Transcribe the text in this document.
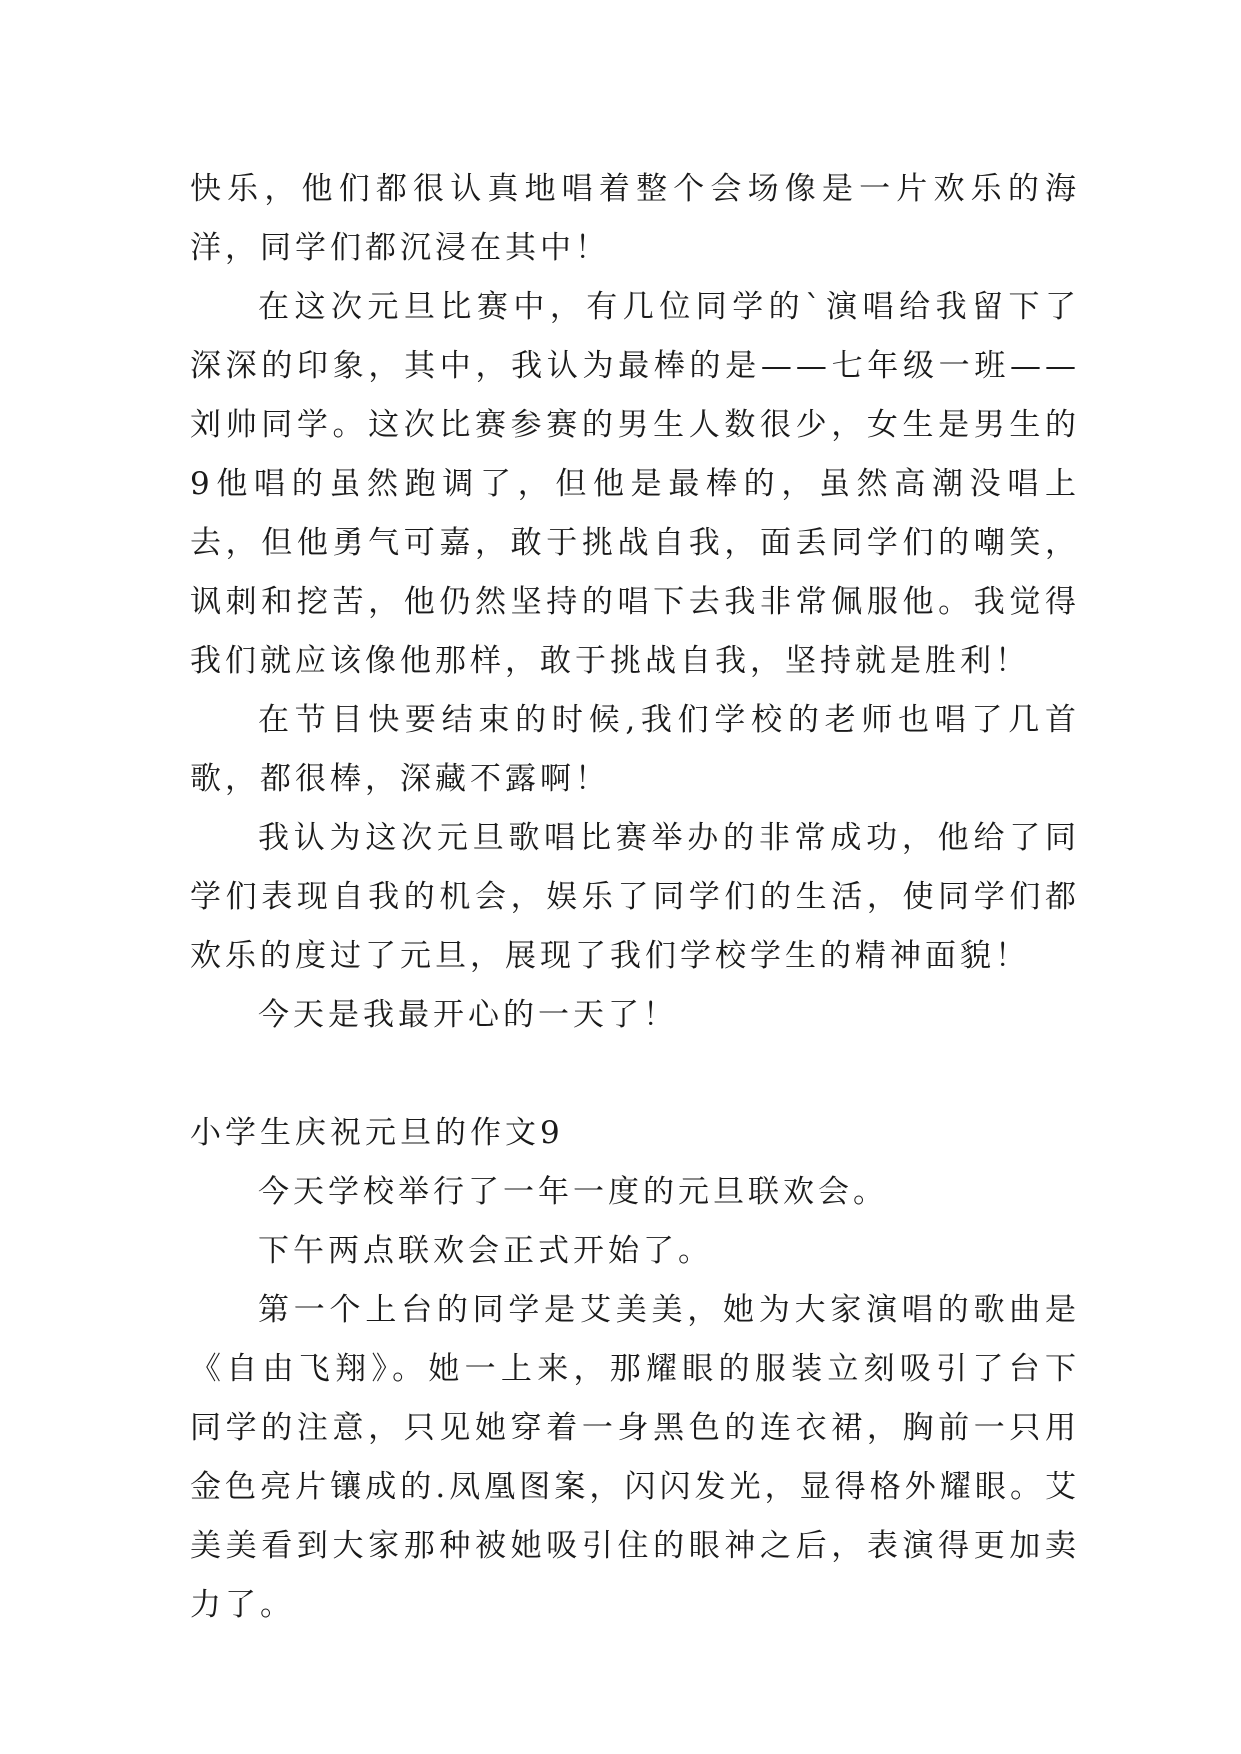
快乐，他们都很认真地唱着整个会场像是一片欢乐的海洋，同学们都沉浸在其中！

在这次元旦比赛中，有几位同学的`演唱给我留下了深深的印象，其中，我认为最棒的是——七年级一班——刘帅同学。这次比赛参赛的男生人数很少，女生是男生的9他唱的虽然跑调了，但他是最棒的，虽然高潮没唱上去，但他勇气可嘉，敢于挑战自我，面丢同学们的嘲笑，讽刺和挖苦，他仍然坚持的唱下去我非常佩服他。我觉得我们就应该像他那样，敢于挑战自我，坚持就是胜利！

在节目快要结束的时候,我们学校的老师也唱了几首歌，都很棒，深藏不露啊！

我认为这次元旦歌唱比赛举办的非常成功，他给了同学们表现自我的机会，娱乐了同学们的生活，使同学们都欢乐的度过了元旦，展现了我们学校学生的精神面貌！

今天是我最开心的一天了！

小学生庆祝元旦的作文9

今天学校举行了一年一度的元旦联欢会。

下午两点联欢会正式开始了。

第一个上台的同学是艾美美，她为大家演唱的歌曲是《自由飞翔》。她一上来，那耀眼的服装立刻吸引了台下同学的注意，只见她穿着一身黑色的连衣裙，胸前一只用金色亮片镶成的.凤凰图案，闪闪发光，显得格外耀眼。艾美美看到大家那种被她吸引住的眼神之后，表演得更加卖力了。
